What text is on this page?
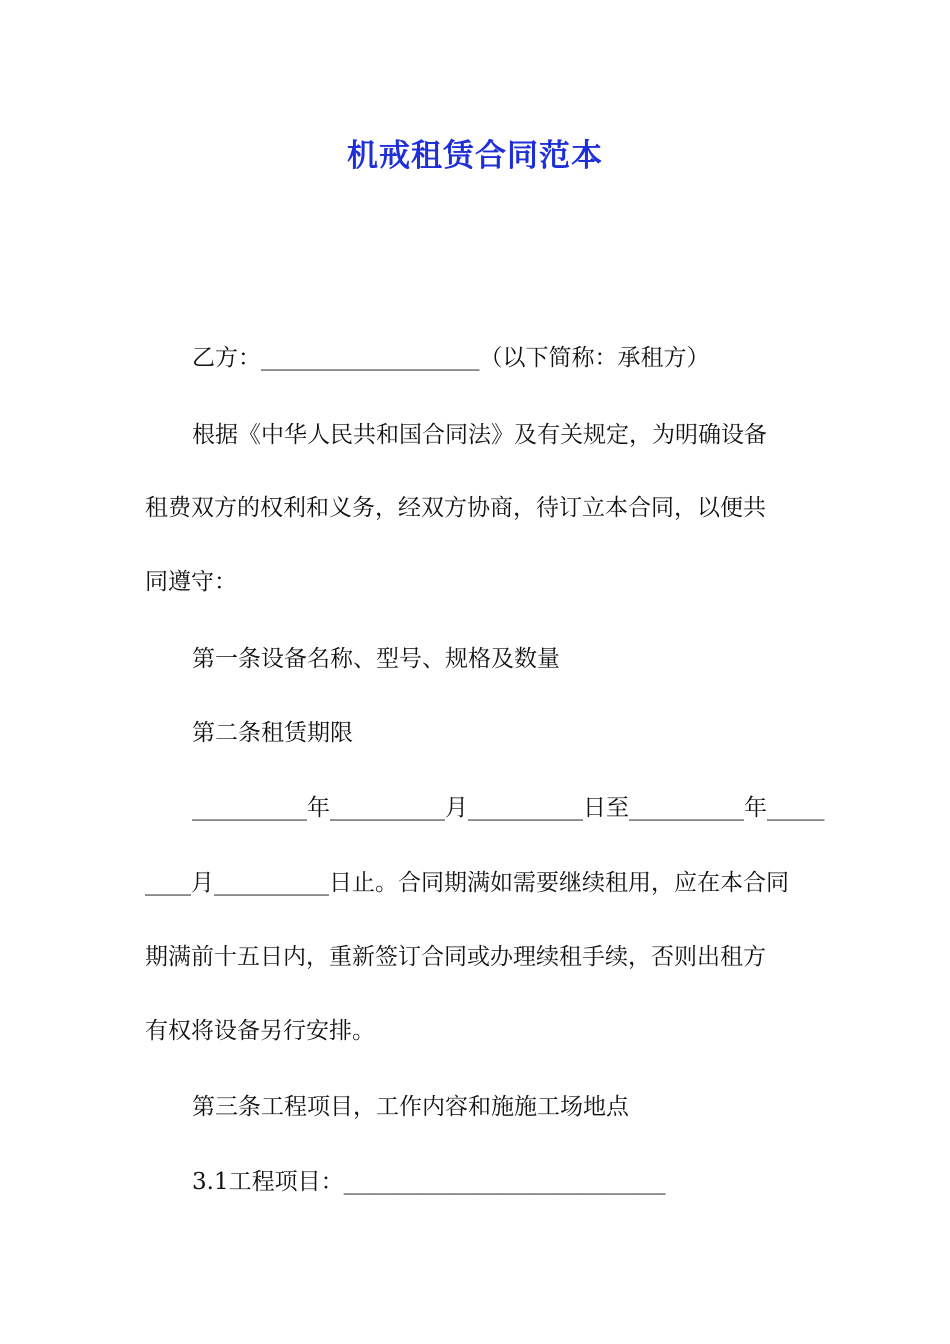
机戒租赁合同范本

乙方：___________________（以下简称：承租方）

根据《中华人民共和国合同法》及有关规定，为明确设备

租费双方的权利和义务，经双方协商，待订立本合同，以便共

同遵守：

第一条设备名称、型号、规格及数量

第二条租赁期限

__________年__________月__________日至__________年_____

____月__________日止。合同期满如需要继续租用，应在本合同

期满前十五日内，重新签订合同或办理续租手续，否则出租方

有权将设备另行安排。

第三条工程项目，工作内容和施施工场地点

3.1工程项目：____________________________
